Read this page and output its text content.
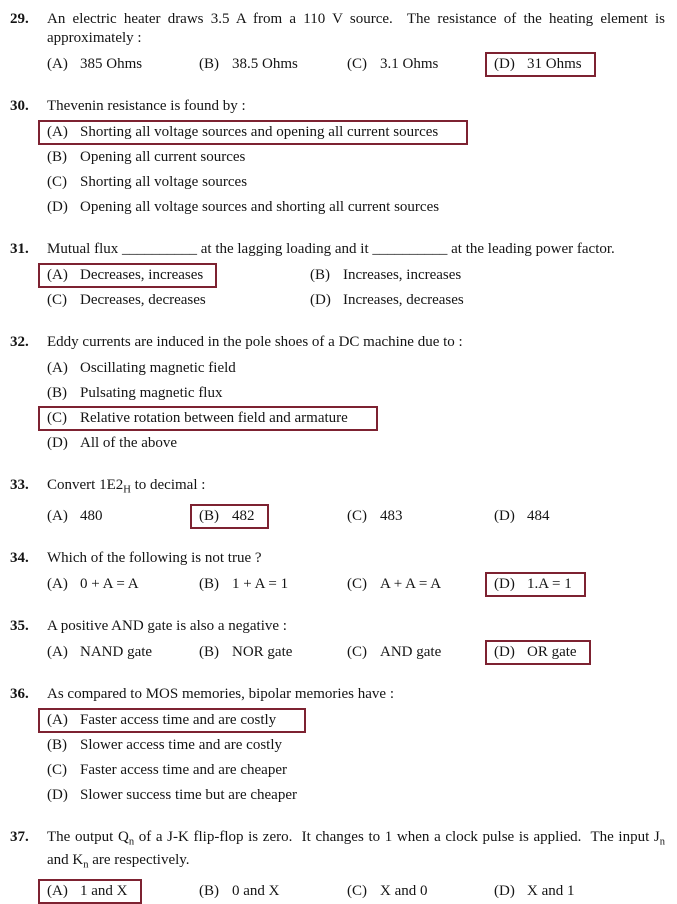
29.	An electric heater draws 3.5 A from a 110 V source.  The resistance of the heating element is approximately :
(A) 385 Ohms	(B) 38.5 Ohms	(C) 3.1 Ohms	(D) 31 Ohms
30.	Thevenin resistance is found by :
(A) Shorting all voltage sources and opening all current sources
(B) Opening all current sources
(C) Shorting all voltage sources
(D) Opening all voltage sources and shorting all current sources
31.	Mutual flux __________ at the lagging loading and it __________ at the leading power factor.
(A) Decreases, increases	(B) Increases, increases
(C) Decreases, decreases	(D) Increases, decreases
32.	Eddy currents are induced in the pole shoes of a DC machine due to :
(A) Oscillating magnetic field
(B) Pulsating magnetic flux
(C) Relative rotation between field and armature
(D) All of the above
33.	Convert $1E2_H$ to decimal :
(A) 480	(B) 482	(C) 483	(D) 484
34.	Which of the following is not true ?
(A) 0 + A = A	(B) 1 + A = 1	(C) A + A = A	(D) 1.A = 1
35.	A positive AND gate is also a negative :
(A) NAND gate	(B) NOR gate	(C) AND gate	(D) OR gate
36.	As compared to MOS memories, bipolar memories have :
(A) Faster access time and are costly
(B) Slower access time and are costly
(C) Faster access time and are cheaper
(D) Slower success time but are cheaper
37.	The output $Q_n$ of a J-K flip-flop is zero.  It changes to 1 when a clock pulse is applied.  The input $J_n$ and $K_n$ are respectively.
(A) 1 and X	(B) 0 and X	(C) X and 0	(D) X and 1
